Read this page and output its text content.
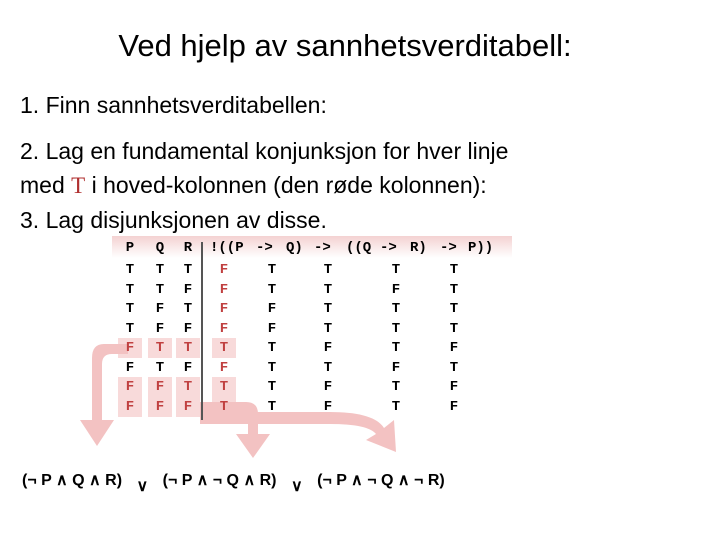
Ved hjelp av sannhetsverditabell:
1. Finn sannhetsverditabellen:
2. Lag en fundamental konjunksjon for hver linje
med T i hoved-kolonnen (den røde kolonnen):
3. Lag disjunksjonen av disse.
P	Q	R	!((P -> Q) ->	((Q -> R) -> P))
T	T	T	F	T	T	T	T
T	T	F	F	T	T	F	T
T	F	T	F	F	T	T	T
T	F	F	F	F	T	T	T
F	T	T	T	T	F	T	F
F	T	F	F	T	T	F	T
F	F	T	T	T	F	T	F
F	F	F	T	T	F	T	F
(¬ P ∧ Q ∧ R) ∨ (¬ P ∧ ¬ Q ∧ R) ∨ (¬ P ∧ ¬ Q ∧ ¬ R)
